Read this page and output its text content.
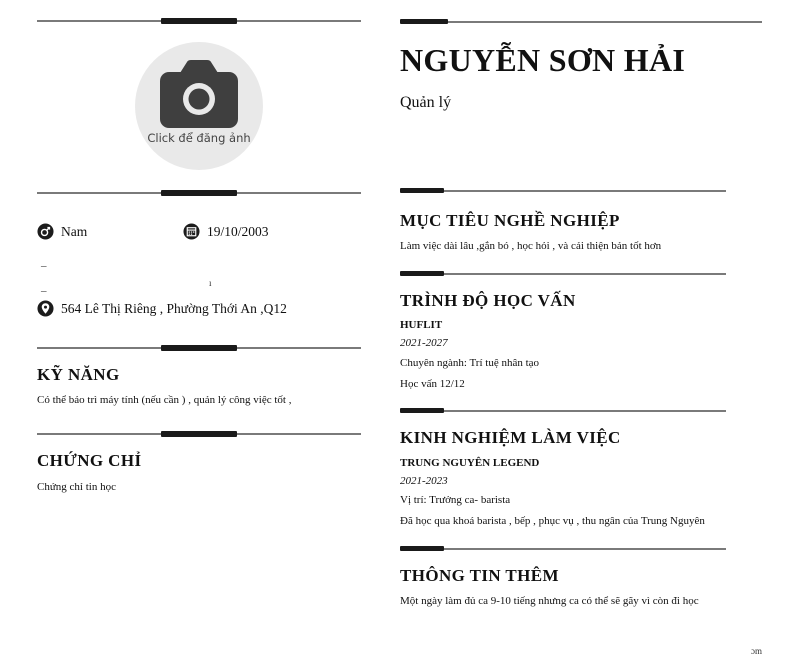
Click để đăng ảnh
Nam	19/10/2003
_
ı
_
564 Lê Thị Riêng , Phường Thới An ,Q12
KỸ NĂNG
Có thể bảo trì máy tính (nếu cần ) , quản lý công việc tốt ,
CHỨNG CHỈ
Chứng chỉ tin học
NGUYỄN SƠN HẢI
Quản lý
MỤC TIÊU NGHỀ NGHIỆP
Làm việc dài lâu ,gắn bó , học hỏi , và cải thiện bản tốt hơn
TRÌNH ĐỘ HỌC VẤN
HUFLIT
2021-2027
Chuyên ngành: Trí tuệ nhân tạo
Học vấn 12/12
KINH NGHIỆM LÀM VIỆC
TRUNG NGUYÊN LEGEND
2021-2023
Vị trí: Trưởng ca- barista
Đã học qua khoá barista , bếp , phục vụ , thu ngân của Trung Nguyên
THÔNG TIN THÊM
Một ngày làm đủ ca 9-10 tiếng nhưng ca có thể sẽ gãy vì còn đi học
ɔm
